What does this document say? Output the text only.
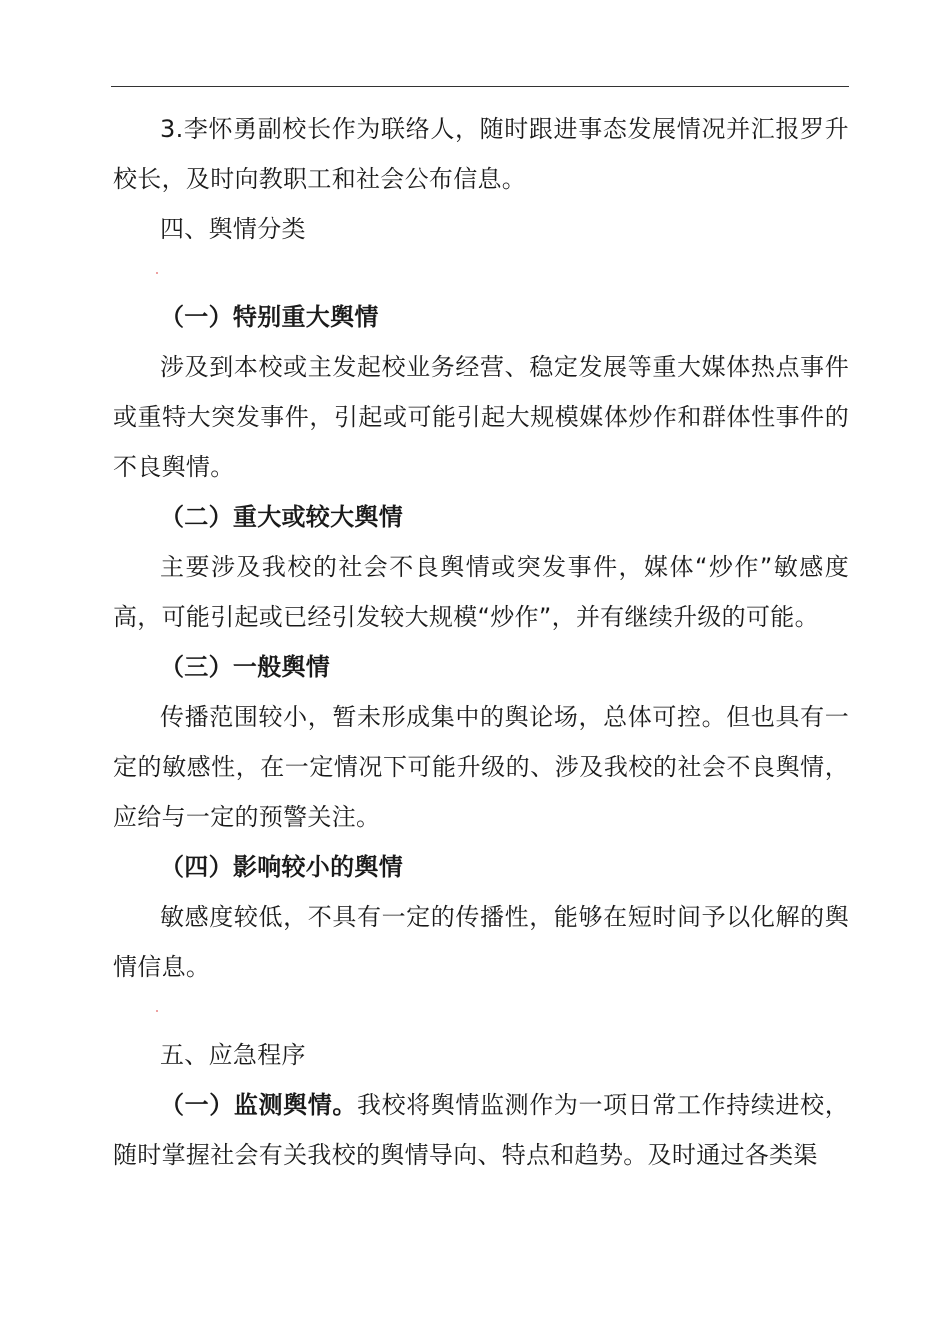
3.李怀勇副校长作为联络人，随时跟进事态发展情况并汇报罗升校长，及时向教职工和社会公布信息。

四、舆情分类

（一）特别重大舆情

涉及到本校或主发起校业务经营、稳定发展等重大媒体热点事件或重特大突发事件，引起或可能引起大规模媒体炒作和群体性事件的不良舆情。

（二）重大或较大舆情

主要涉及我校的社会不良舆情或突发事件，媒体“炒作”敏感度高，可能引起或已经引发较大规模“炒作”，并有继续升级的可能。

（三）一般舆情

传播范围较小，暂未形成集中的舆论场，总体可控。但也具有一定的敏感性，在一定情况下可能升级的、涉及我校的社会不良舆情，应给与一定的预警关注。

（四）影响较小的舆情

敏感度较低，不具有一定的传播性，能够在短时间予以化解的舆情信息。

五、应急程序

（一）监测舆情。我校将舆情监测作为一项日常工作持续进校，随时掌握社会有关我校的舆情导向、特点和趋势。及时通过各类渠
